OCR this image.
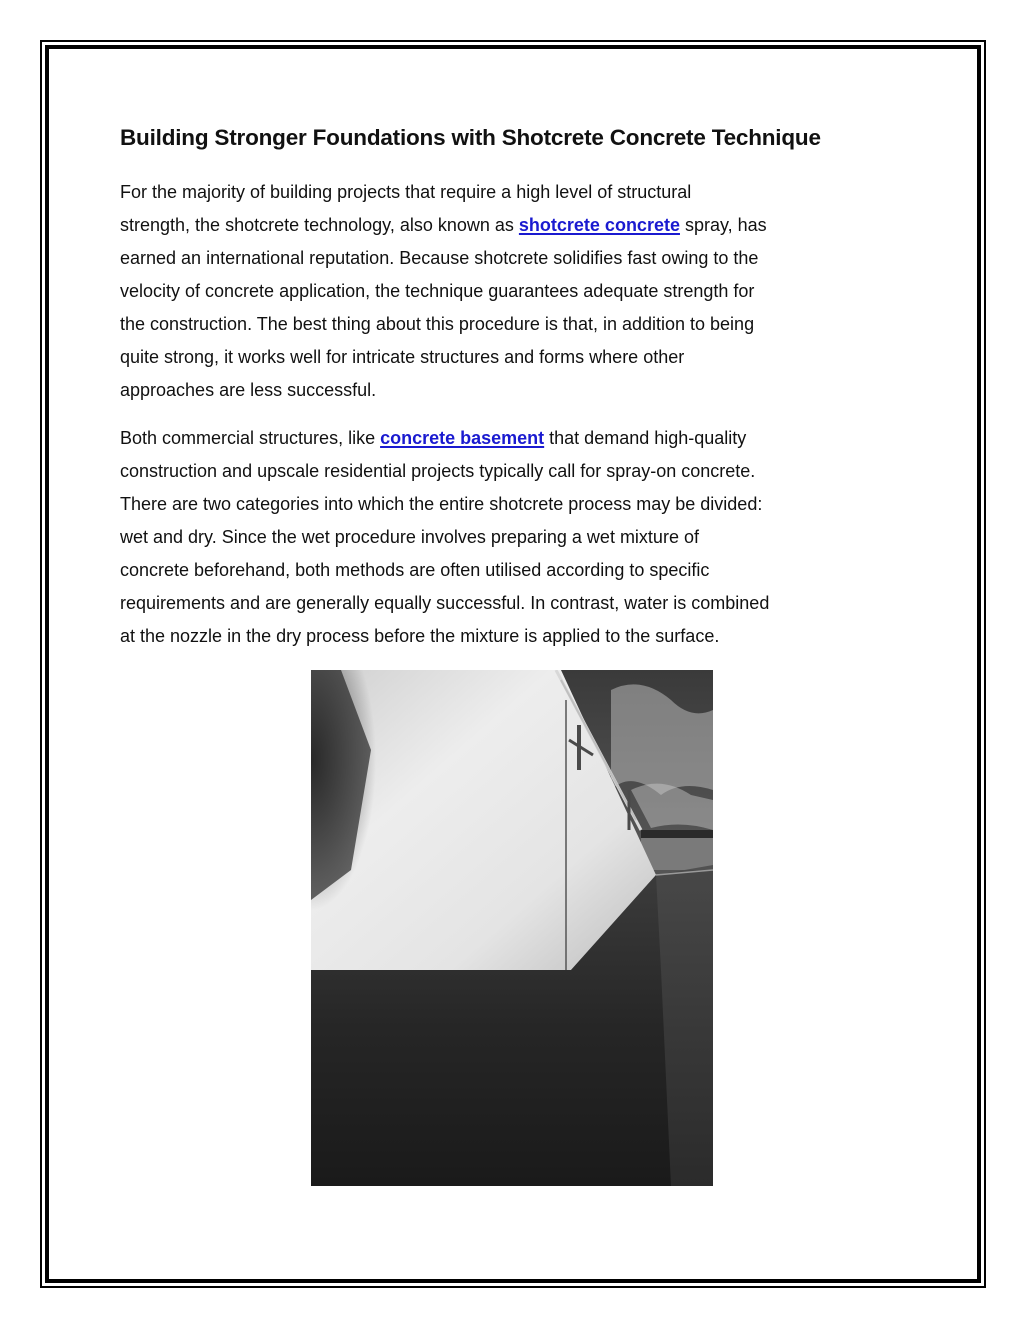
Building Stronger Foundations with Shotcrete Concrete Technique

For the majority of building projects that require a high level of structural
strength, the shotcrete technology, also known as shotcrete concrete spray, has
earned an international reputation. Because shotcrete solidifies fast owing to the
velocity of concrete application, the technique guarantees adequate strength for
the construction. The best thing about this procedure is that, in addition to being
quite strong, it works well for intricate structures and forms where other
approaches are less successful.

Both commercial structures, like concrete basement that demand high-quality
construction and upscale residential projects typically call for spray-on concrete.
There are two categories into which the entire shotcrete process may be divided:
wet and dry. Since the wet procedure involves preparing a wet mixture of
concrete beforehand, both methods are often utilised according to specific
requirements and are generally equally successful. In contrast, water is combined
at the nozzle in the dry process before the mixture is applied to the surface.
